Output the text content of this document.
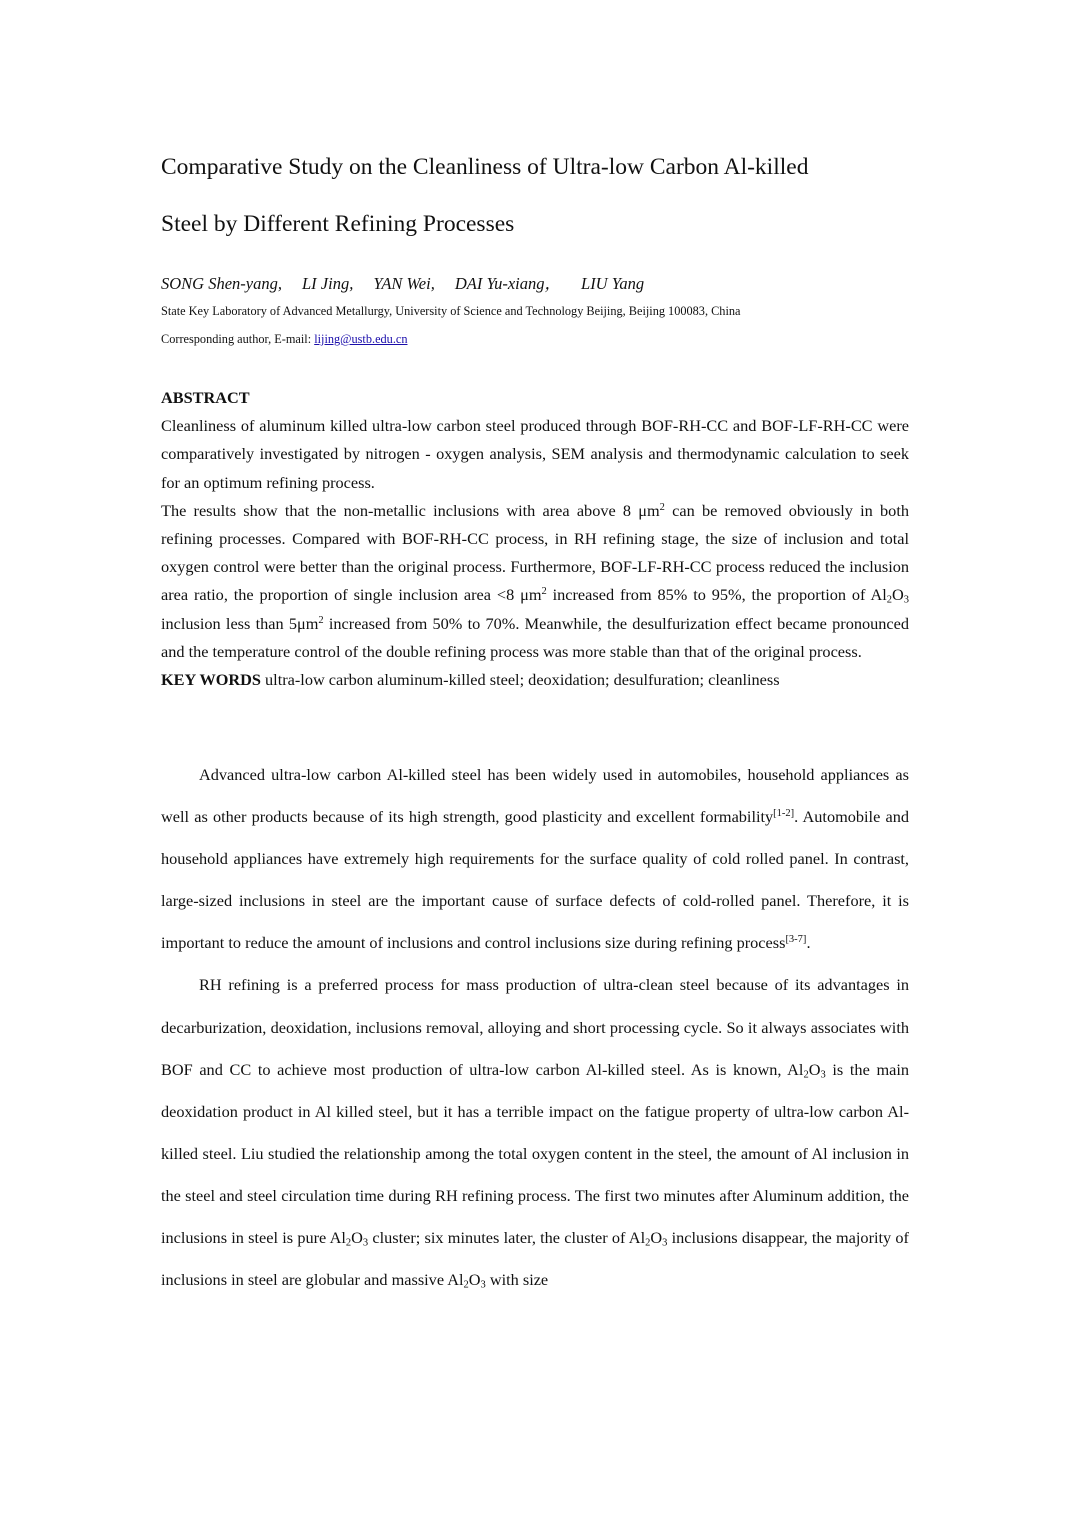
Comparative Study on the Cleanliness of Ultra-low Carbon Al-killed
Steel by Different Refining Processes
SONG Shen-yang, LI Jing, YAN Wei, DAI Yu-xiang， LIU Yang
State Key Laboratory of Advanced Metallurgy, University of Science and Technology Beijing, Beijing 100083, China
Corresponding author, E-mail: lijing@ustb.edu.cn
ABSTRACT

Cleanliness of aluminum killed ultra-low carbon steel produced through BOF-RH-CC and BOF-LF-RH-CC were comparatively investigated by nitrogen - oxygen analysis, SEM analysis and thermodynamic calculation to seek for an optimum refining process.

The results show that the non-metallic inclusions with area above 8 $\mu m^2$ can be removed obviously in both refining processes. Compared with BOF-RH-CC process, in RH refining stage, the size of inclusion and total oxygen control were better than the original process. Furthermore, BOF-LF-RH-CC process reduced the inclusion area ratio, the proportion of single inclusion area <8 $\mu m^2$ increased from 85% to 95%, the proportion of $Al_2O_3$ inclusion less than $5\mu m^2$ increased from 50% to 70%. Meanwhile, the desulfurization effect became pronounced and the temperature control of the double refining process was more stable than that of the original process.

KEY WORDS ultra-low carbon aluminum-killed steel; deoxidation; desulfuration; cleanliness

Advanced ultra-low carbon Al-killed steel has been widely used in automobiles, household appliances as well as other products because of its high strength, good plasticity and excellent formability[1-2]. Automobile and household appliances have extremely high requirements for the surface quality of cold rolled panel. In contrast, large-sized inclusions in steel are the important cause of surface defects of cold-rolled panel. Therefore, it is important to reduce the amount of inclusions and control inclusions size during refining process[3-7].

RH refining is a preferred process for mass production of ultra-clean steel because of its advantages in decarburization, deoxidation, inclusions removal, alloying and short processing cycle. So it always associates with BOF and CC to achieve most production of ultra-low carbon Al-killed steel. As is known, $Al_2O_3$ is the main deoxidation product in Al killed steel, but it has a terrible impact on the fatigue property of ultra-low carbon Al-killed steel. Liu studied the relationship among the total oxygen content in the steel, the amount of Al inclusion in the steel and steel circulation time during RH refining process. The first two minutes after Aluminum addition, the inclusions in steel is pure $Al_2O_3$ cluster; six minutes later, the cluster of $Al_2O_3$ inclusions disappear, the majority of inclusions in steel are globular and massive $Al_2O_3$ with size
